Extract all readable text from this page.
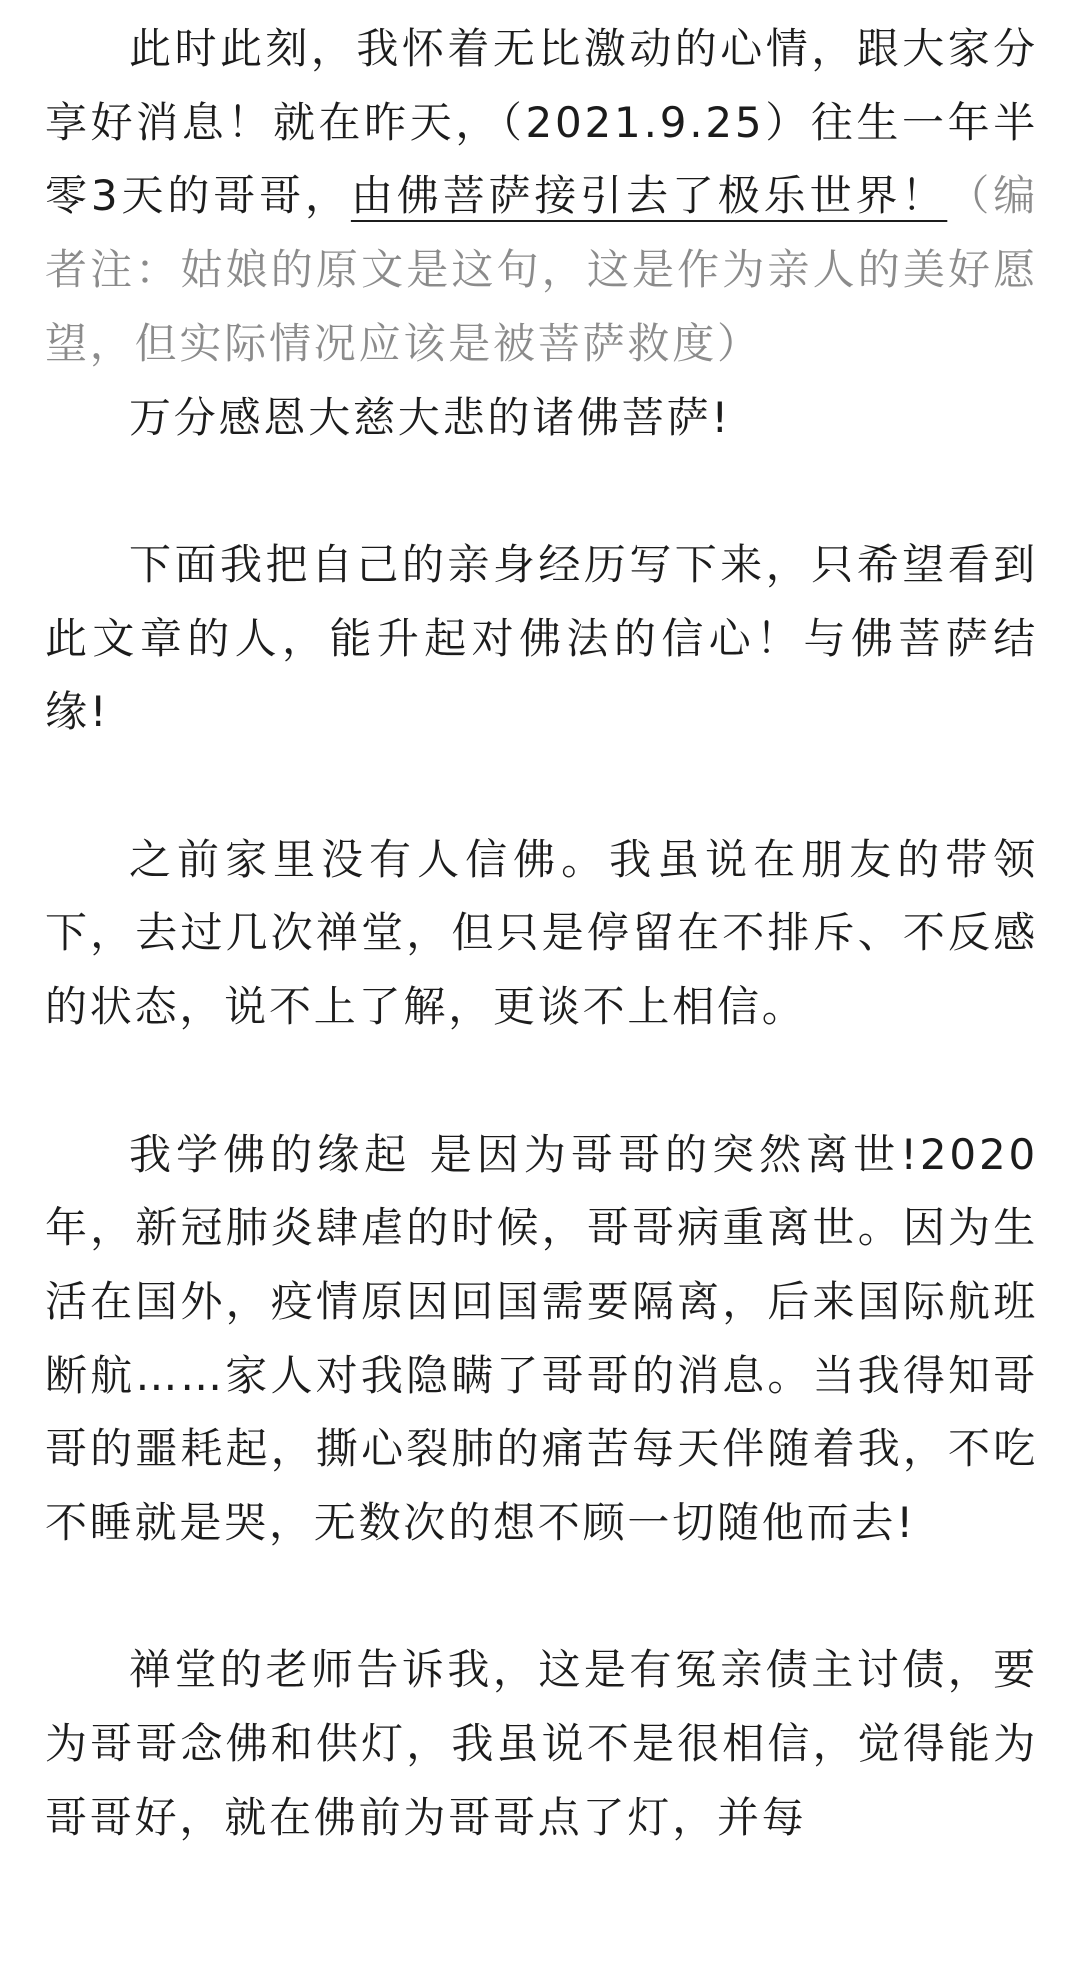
此时此刻，我怀着无比激动的心情，跟大家分享好消息！就在昨天，（2021.9.25）往生一年半零3天的哥哥，由佛菩萨接引去了极乐世界！（编者注：姑娘的原文是这句，这是作为亲人的美好愿望，但实际情况应该是被菩萨救度）

万分感恩大慈大悲的诸佛菩萨!

下面我把自己的亲身经历写下来，只希望看到此文章的人，能升起对佛法的信心！与佛菩萨结缘!

之前家里没有人信佛。我虽说在朋友的带领下，去过几次禅堂，但只是停留在不排斥、不反感的状态，说不上了解，更谈不上相信。

我学佛的缘起 是因为哥哥的突然离世!2020年，新冠肺炎肆虐的时候，哥哥病重离世。因为生活在国外，疫情原因回国需要隔离，后来国际航班断航……家人对我隐瞒了哥哥的消息。当我得知哥哥的噩耗起，撕心裂肺的痛苦每天伴随着我，不吃不睡就是哭，无数次的想不顾一切随他而去!

禅堂的老师告诉我，这是有冤亲债主讨债，要为哥哥念佛和供灯，我虽说不是很相信，觉得能为哥哥好，就在佛前为哥哥点了灯，并每
